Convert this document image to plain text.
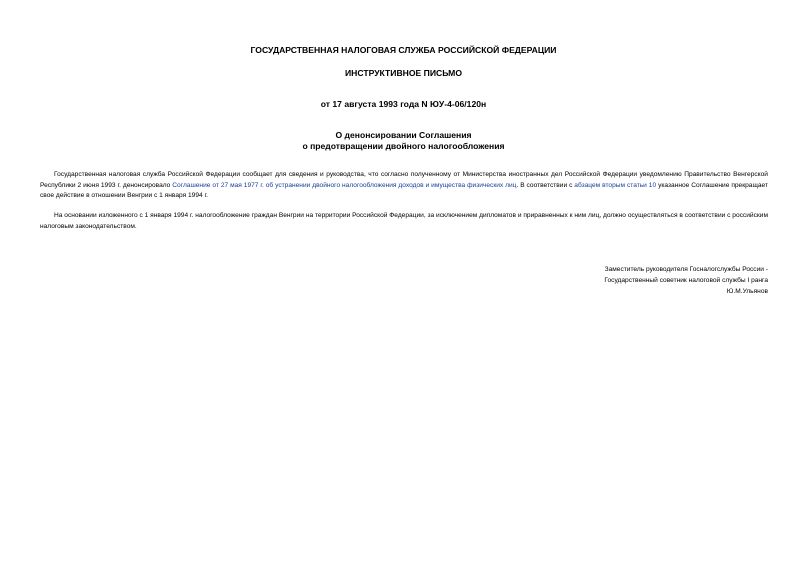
ГОСУДАРСТВЕННАЯ НАЛОГОВАЯ СЛУЖБА РОССИЙСКОЙ ФЕДЕРАЦИИ
ИНСТРУКТИВНОЕ ПИСЬМО
от 17 августа 1993 года N ЮУ-4-06/120н
О денонсировании Соглашения
о предотвращении двойного налогообложения
Государственная налоговая служба Российской Федерации сообщает для сведения и руководства, что согласно полученному от Министерства иностранных дел Российской Федерации уведомлению Правительство Венгерской Республики 2 июня 1993 г. денонсировало Соглашение от 27 мая 1977 г. об устранении двойного налогообложения доходов и имущества физических лиц. В соответствии с абзацем вторым статьи 10 указанное Соглашение прекращает свое действие в отношении Венгрии с 1 января 1994 г.
На основании изложенного с 1 января 1994 г. налогообложение граждан Венгрии на территории Российской Федерации, за исключением дипломатов и приравненных к ним лиц, должно осуществляться в соответствии с российским налоговым законодательством.
Заместитель руководителя Госналогслужбы России -
Государственный советник налоговой службы I ранга
Ю.М.Ульянов
